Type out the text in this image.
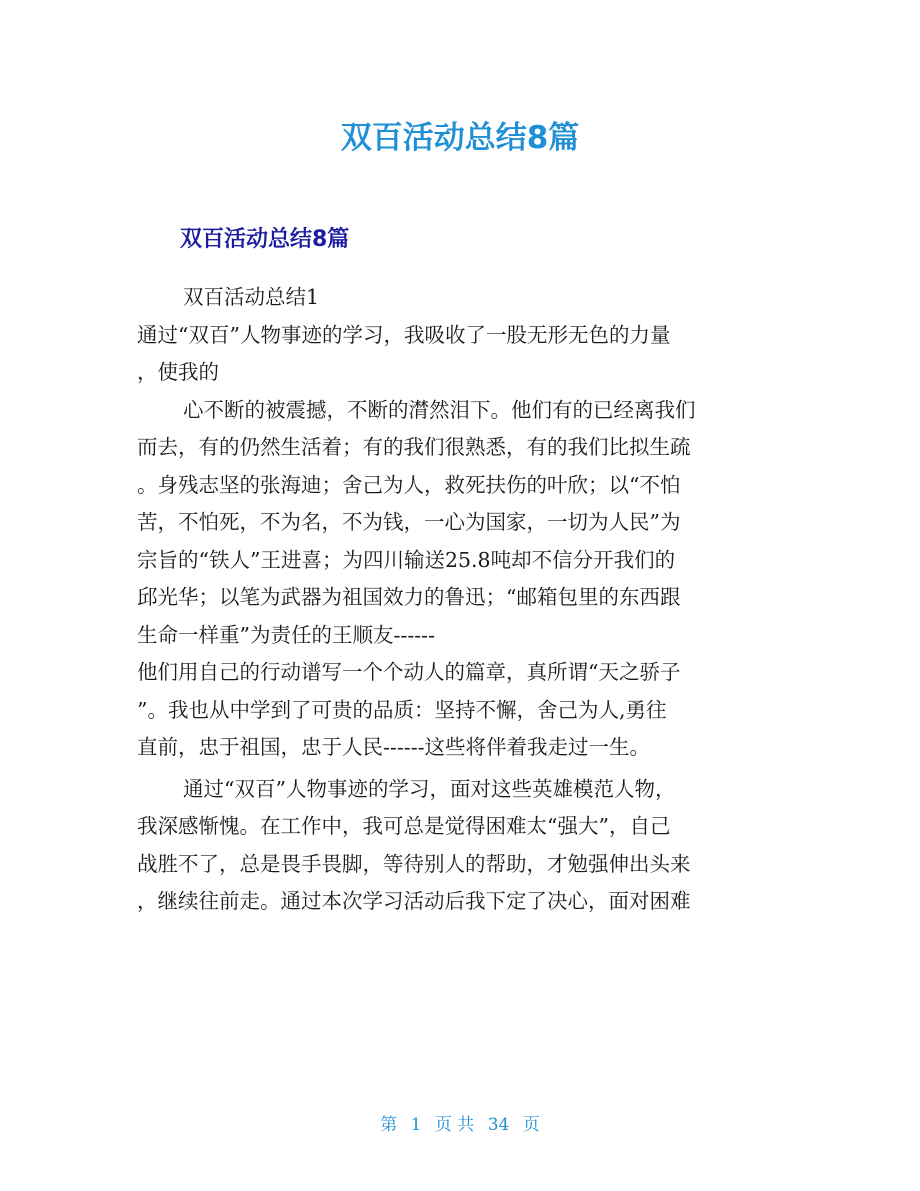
双百活动总结8篇
双百活动总结8篇
双百活动总结1
通过“双百”人物事迹的学习，我吸收了一股无形无色的力量
，使我的
心不断的被震撼，不断的潸然泪下。他们有的已经离我们
而去，有的仍然生活着；有的我们很熟悉，有的我们比拟生疏
。身残志坚的张海迪；舍己为人，救死扶伤的叶欣；以“不怕
苦，不怕死，不为名，不为钱，一心为国家，一切为人民”为
宗旨的“铁人”王进喜；为四川输送25.8吨却不信分开我们的
邱光华；以笔为武器为祖国效力的鲁迅；“邮箱包里的东西跟
生命一样重”为责任的王顺友------
他们用自己的行动谱写一个个动人的篇章，真所谓“天之骄子
”。我也从中学到了可贵的品质：坚持不懈，舍己为人,勇往
直前，忠于祖国，忠于人民------这些将伴着我走过一生。
通过“双百”人物事迹的学习，面对这些英雄模范人物，
我深感惭愧。在工作中，我可总是觉得困难太“强大”，自己
战胜不了，总是畏手畏脚，等待别人的帮助，才勉强伸出头来
，继续往前走。通过本次学习活动后我下定了决心，面对困难
第 1 页 共 34 页
